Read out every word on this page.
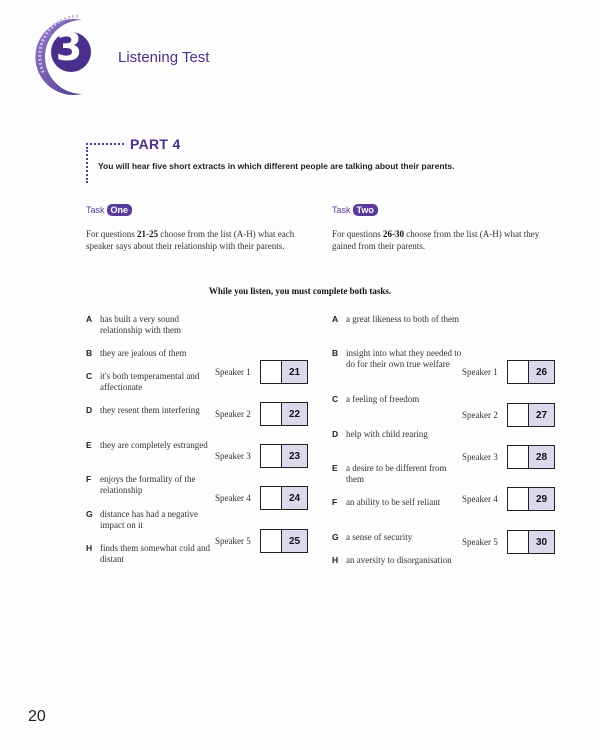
3 Listening Test
PART 4
You will hear five short extracts in which different people are talking about their parents.
Task One	Task Two
For questions 21-25 choose from the list (A-H) what each speaker says about their relationship with their parents.
For questions 26-30 choose from the list (A-H) what they gained from their parents.
While you listen, you must complete both tasks.
A has built a very sound relationship with them
B they are jealous of them
C it's both temperamental and affectionate
D they resent them interfering
E they are completely estranged
F enjoys the formality of the relationship
G distance has had a negative impact on it
H finds them somewhat cold and distant
Speaker 1	21
Speaker 2	22
Speaker 3	23
Speaker 4	24
Speaker 5	25
A a great likeness to both of them
B insight into what they needed to do for their own true welfare
C a feeling of freedom
D help with child rearing
E a desire to be different from them
F an ability to be self reliant
G a sense of security
H an aversity to disorganisation
Speaker 1	26
Speaker 2	27
Speaker 3	28
Speaker 4	29
Speaker 5	30
20
